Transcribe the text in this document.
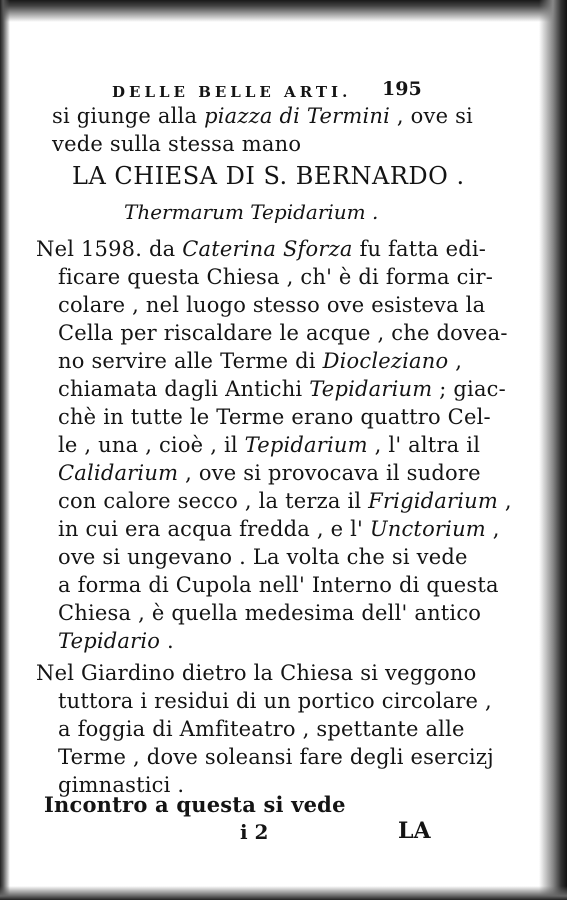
DELLE BELLE ARTI. 195
si giunge alla piazza di Termini , ove si
vede sulla stessa mano
LA CHIESA DI S. BERNARDO .
Thermarum Tepidarium .
Nel 1598. da Caterina Sforza fu fatta edi-
ficare questa Chiesa , ch' è di forma cir-
colare , nel luogo stesso ove esisteva la
Cella per riscaldare le acque , che doveа-
no servire alle Terme di Diocleziano ,
chiamata dagli Antichi Tepidarium ; giac-
chè in tutte le Terme erano quattro Cel-
le , una , cioè , il Tepidarium , l' altra il
Calidarium , ove si provocava il sudore
con calore secco , la terza il Frigidarium ,
in cui era acqua fredda , e l' Unctorium ,
ove si ungevano . La volta che si vede
a forma di Cupola nell' Interno di questa
Chiesa , è quella medesima dell' antico
Tepidario .
Nel Giardino dietro la Chiesa si veggono
tuttora i residui di un portico circolare ,
a foggia di Amfiteatro , spettante alle
Terme , dove soleansi fare degli esercizj
gimnastici .
Incontro a questa si vede
i 2	LA
